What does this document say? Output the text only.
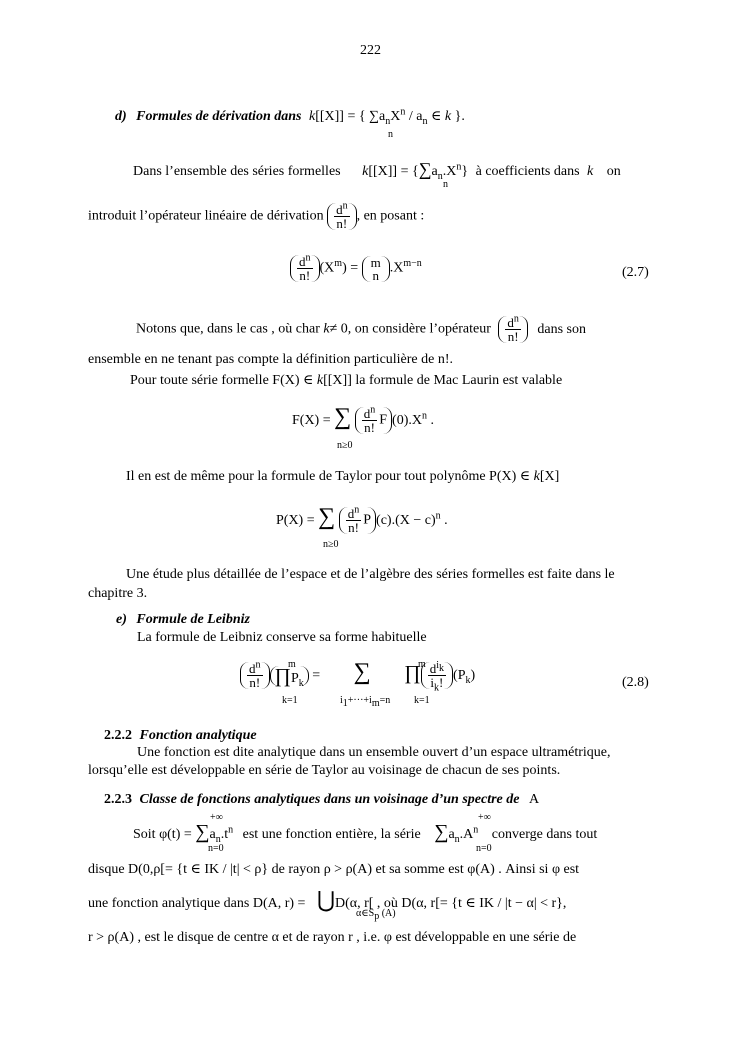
222
d) Formules de dérivation dans k[[X]] = { $\sum a_nX^n / a_n$ ∈ k }.
n
Dans l’ensemble des séries formelles $k[[X]] = \{\sum a_n.X^n\}$ à coefficients dans k on
n
introduit l’opérateur linéaire de dérivation $\frac{d^n}{n!}$ , en posant :
$\frac{d^n}{n!} (X^m) = m$
n $.X^{m-n}$
(2.7)
Notons que, dans le cas , où char k≠ 0, on considère l’opérateur $\frac{d^n}{n!}$ dans son
ensemble en ne tenant pas compte la définition particulière de n!.
Pour toute série formelle F(X) ∈ k[[X]] la formule de Mac Laurin est valable
F(X) = ∑ $\frac{d^n}{n!}$ F $(0).X^n$ .
n≥0
Il en est de même pour la formule de Taylor pour tout polynôme P(X) ∈ k[X]
P(X) = ∑ $\frac{d^n}{n!}$ P $(c).(X - c)^n$ .
n≥0
Une étude plus détaillée de l’espace et de l’algèbre des séries formelles est faite dans le
chapitre 3.
e) Formule de Leibniz
La formule de Leibniz conserve sa forme habituelle
$\frac{d^n}{n!}$ $\prod P_k$ = ∑ ∏ $\frac{d^{i_k}}{i_k!} (P_k)$
m
k=1	$i_1+\cdot\cdot\cdot+i_m=n$
m
k=1
(2.8)
2.2.2 Fonction analytique
Une fonction est dite analytique dans un ensemble ouvert d’un espace ultramétrique,
lorsqu’elle est développable en série de Taylor au voisinage de chacun de ses points.
2.2.3 Classe de fonctions analytiques dans un voisinage d’un spectre de A
+∞	+∞
Soit $\varphi(t) = \sum a_n.t^n$ est une fonction entière, la série $\sum a_n.A^n$ converge dans tout
n=0	n=0
disque D(0,ρ[= {t ∈ IK / |t| < ρ} de rayon ρ > ρ(A) et sa somme est φ(A) . Ainsi si φ est
une fonction analytique dans D(A, r) = ⋃D(α, r[ , où D(α, r[= {t ∈ IK / |t − α| < r},
$\alpha\in S_p$ (A)
r > ρ(A) , est le disque de centre α et de rayon r , i.e. φ est développable en une série de
